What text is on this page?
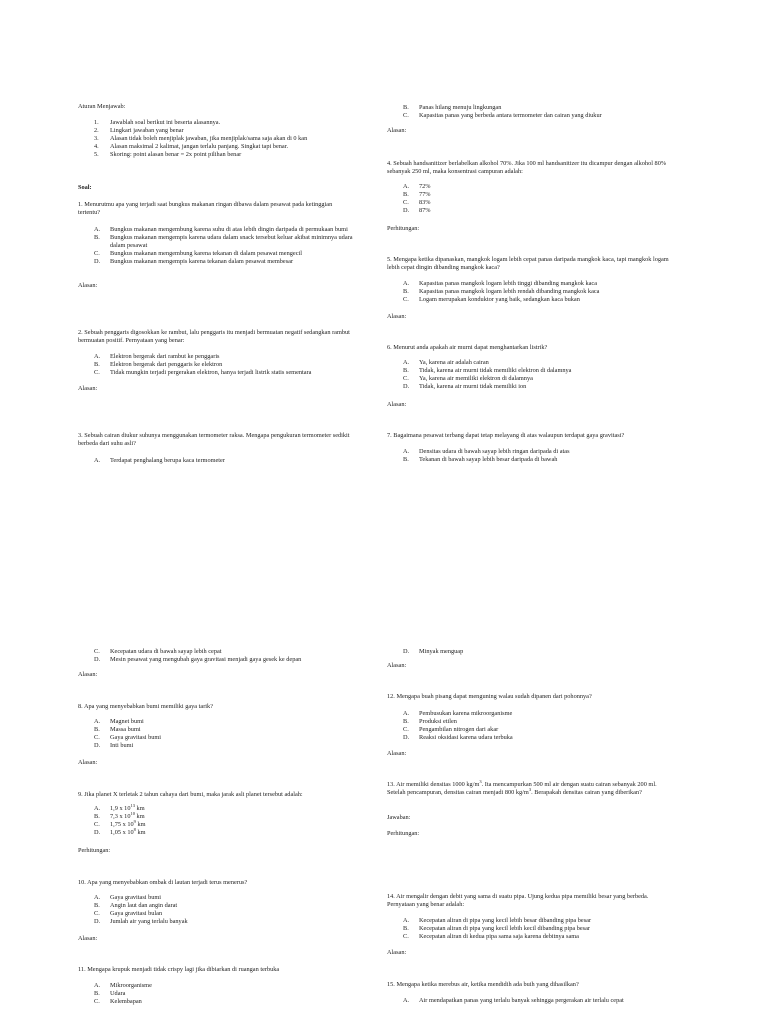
Aturan Menjawab:

1.	Jawablah soal berikut ini beserta alasannya.
2.	Lingkari jawaban yang benar
3.	Alasan tidak boleh menjiplak jawaban, jika menjiplak/sama saja akan di 0 kan
4.	Alasan maksimal 2 kalimat, jangan terlalu panjang. Singkat tapi benar.
5.	Skoring: point alasan benar = 2x point pilihan benar

Soal:

1. Menurutmu apa yang terjadi saat bungkus makanan ringan dibawa dalam pesawat pada ketinggian tertentu?

A.	Bungkus makanan mengembung karena suhu di atas lebih dingin daripada di permukaan bumi
B.	Bungkus makanan mengempis karena udara dalam snack tersebut keluar akibat minimnya udara dalam pesawat
C.	Bungkus makanan mengembung karena tekanan di dalam pesawat mengecil
D.	Bungkus makanan mengempis karena tekanan dalam pesawat membesar

Alasan:

2. Sebuah penggaris digosokkan ke rambut, lalu penggaris itu menjadi bermuatan negatif sedangkan rambut bermuatan positif. Pernyataan yang benar:

A.	Elektron bergerak dari rambut ke penggaris
B.	Elektron bergerak dari penggaris ke elektron
C.	Tidak mungkin terjadi pergerakan elektron, hanya terjadi listrik statis sementara

Alasan:

3. Sebuah cairan diukur suhunya menggunakan termometer raksa. Mengapa pengukuran termometer sedikit berbeda dari suhu asli?

A.	Terdapat penghalang berupa kaca termometer
B.	Panas hilang menuju lingkungan
C.	Kapasitas panas yang berbeda antara termometer dan cairan yang diukur

Alasan:

4. Sebuah handsanitizer berlabelkan alkohol 70%. Jika 100 ml handsanitizer itu dicampur dengan alkohol 80% sebanyak 250 ml, maka konsentrasi campuran adalah:

A.	72%
B.	77%
C.	83%
D.	87%

Perhitungan:

5. Mengapa ketika dipanaskan, mangkok logam lebih cepat panas daripada mangkok kaca, tapi mangkok logam lebih cepat dingin dibanding mangkok kaca?

A.	Kapasitas panas mangkok logam lebih tinggi dibanding mangkok kaca
B.	Kapasitas panas mangkok logam lebih rendah dibanding mangkok kaca
C.	Logam merupakan konduktor yang baik, sedangkan kaca bukan

Alasan:

6. Menurut anda apakah air murni dapat menghantarkan listrik?

A.	Ya, karena air adalah cairan
B.	Tidak, karena air murni tidak memiliki elektron di dalamnya
C.	Ya, karena air memiliki elektron di dalamnya
D.	Tidak, karena air murni tidak memiliki ion

Alasan:

7. Bagaimana pesawat terbang dapat tetap melayang di atas walaupun terdapat gaya gravitasi?

A.	Densitas udara di bawah sayap lebih ringan daripada di atas
B.	Tekanan di bawah sayap lebih besar daripada di bawah
C.	Kecepatan udara di bawah sayap lebih cepat
D.	Mesin pesawat yang mengubah gaya gravitasi menjadi gaya gesek ke depan

Alasan:

8. Apa yang menyebabkan bumi memiliki gaya tarik?

A.	Magnet bumi
B.	Massa bumi
C.	Gaya gravitasi bumi
D.	Inti bumi

Alasan:

9. Jika planet X terletak 2 tahun cahaya dari bumi, maka jarak asli planet tersebut adalah:

A.	1,9 x $10^{13}$ km
B.	7,3 x $10^{10}$ km
C.	1,75 x $10^9$ km
D.	1,05 x $10^8$ km

Perhitungan:

10. Apa yang menyebabkan ombak di lautan terjadi terus menerus?

A.	Gaya gravitasi bumi
B.	Angin laut dan angin darat
C.	Gaya gravitasi bulan
D.	Jumlah air yang terlalu banyak

Alasan:

11. Mengapa krupuk menjadi tidak crispy lagi jika dibiarkan di ruangan terbuka

A.	Mikroorganisme
B.	Udara
C.	Kelembapan
D.	Minyak menguap

Alasan:

12. Mengapa buah pisang dapat menguning walau sudah dipanen dari pohonnya?

A.	Pembusukan karena mikroorganisme
B.	Produksi etilen
C.	Pengambilan nitrogen dari akar
D.	Reaksi oksidasi karena udara terbuka

Alasan:

13. Air memiliki densitas 1000 $kg/m^3$. Ita mencampurkan 500 ml air dengan suatu cairan sebanyak 200 ml. Setelah pencampuran, densitas cairan menjadi 800 $kg/m^3$. Berapakah densitas cairan yang diberikan?

Jawaban:

Perhitungan:

14. Air mengalir dengan debit yang sama di suatu pipa. Ujung kedua pipa memiliki besar yang berbeda. Pernyataan yang benar adalah:

A.	Kecepatan aliran di pipa yang kecil lebih besar dibanding pipa besar
B.	Kecepatan aliran di pipa yang kecil lebih kecil dibanding pipa besar
C.	Kecepatan aliran di kedua pipa sama saja karena debitnya sama

Alasan:

15. Mengapa ketika merebus air, ketika mendidih ada buih yang dihasilkan?

A.	Air mendapatkan panas yang terlalu banyak sehingga pergerakan air terlalu cepat
